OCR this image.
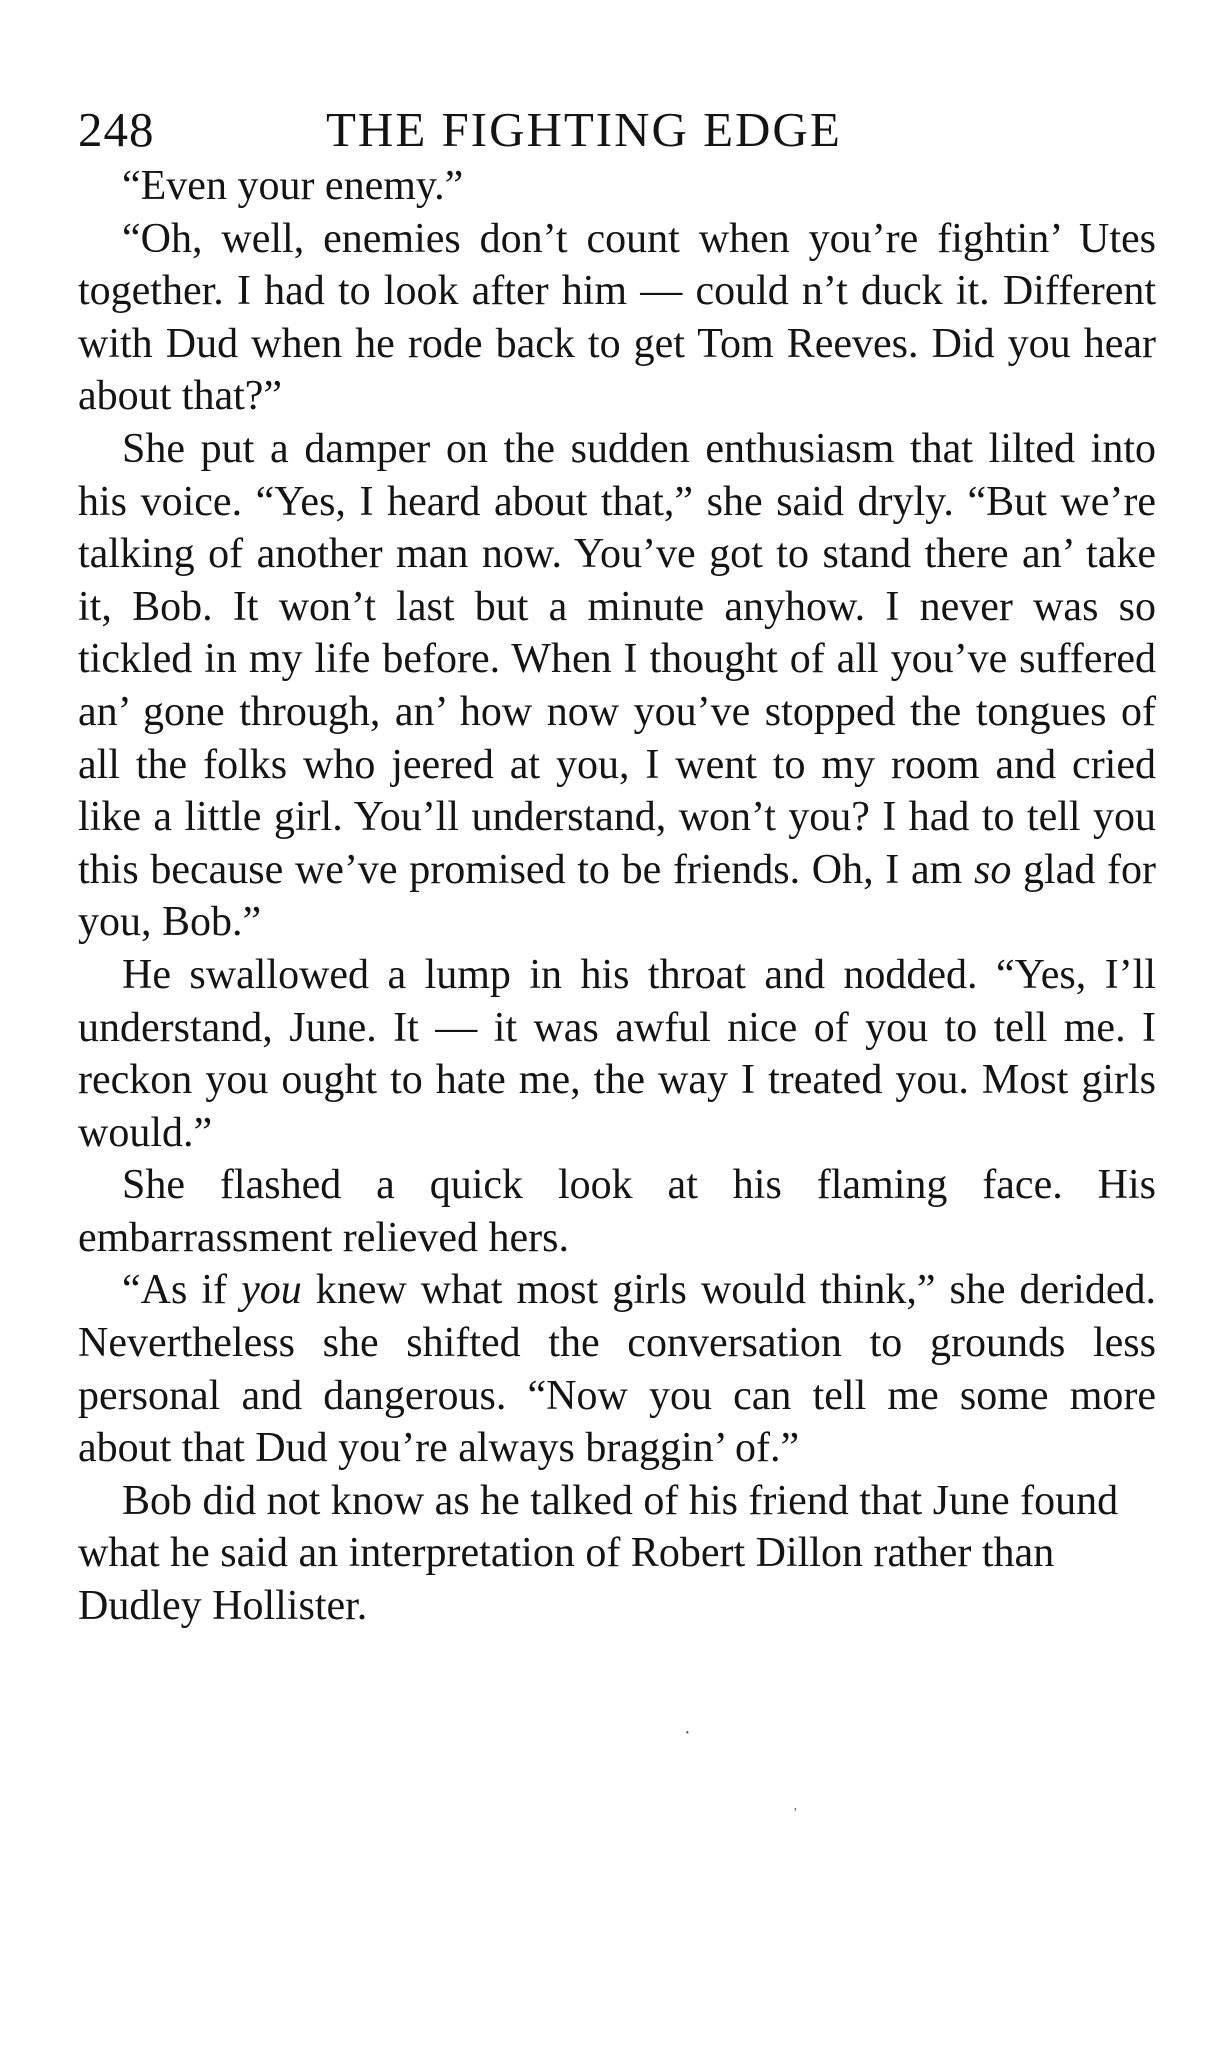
248	THE FIGHTING EDGE

“Even your enemy.”

“Oh, well, enemies don’t count when you’re fightin’ Utes together. I had to look after him — could n’t duck it. Different with Dud when he rode back to get Tom Reeves. Did you hear about that?”

She put a damper on the sudden enthusiasm that lilted into his voice. “Yes, I heard about that,” she said dryly. “But we’re talking of another man now. You’ve got to stand there an’ take it, Bob. It won’t last but a minute anyhow. I never was so tickled in my life before. When I thought of all you’ve suffered an’ gone through, an’ how now you’ve stopped the tongues of all the folks who jeered at you, I went to my room and cried like a little girl. You’ll understand, won’t you? I had to tell you this because we’ve promised to be friends. Oh, I am so glad for you, Bob.”

He swallowed a lump in his throat and nodded. “Yes, I’ll understand, June. It — it was awful nice of you to tell me. I reckon you ought to hate me, the way I treated you. Most girls would.”

She flashed a quick look at his flaming face. His embarrassment relieved hers.

“As if you knew what most girls would think,” she derided. Nevertheless she shifted the conversation to grounds less personal and dangerous. “Now you can tell me some more about that Dud you’re always braggin’ of.”

Bob did not know as he talked of his friend that June found what he said an interpretation of Robert Dillon rather than Dudley Hollister.

·
'
